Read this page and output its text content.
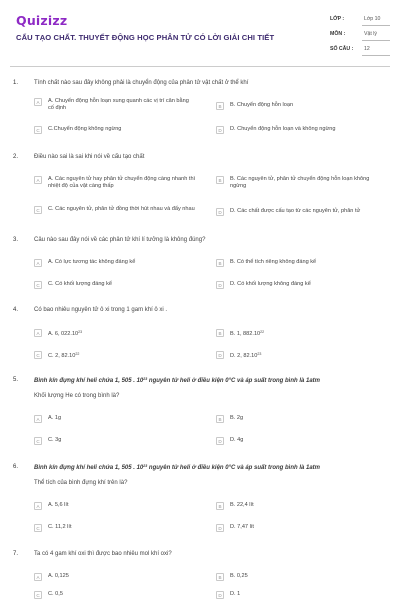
Quizizz
CẤU TẠO CHẤT. THUYẾT ĐỘNG HỌC PHÂN TỬ CÓ LỜI GIẢI CHI TIẾT
LỚP :	Lớp 10
MÔN :	Vật lý
SỐ CÂU : 12
1.	Tính chất nào sau đây không phải là chuyển động của phân tử vật chất ở thể khí
A	A. Chuyển động hỗn loạn xung quanh các vị trí cân bằng cố định	B	B. Chuyển động hỗn loạn
C	C.Chuyển động không ngừng	D	D. Chuyển động hỗn loạn và không ngừng
2.	Điều nào sai là sai khi nói về cấu tạo chất
A	A. Các nguyên tử hay phân tử chuyển động càng nhanh thì nhiệt độ của vật càng thấp
B	B. Các nguyên tử, phân tử chuyển động hỗn loạn không ngừng
C	C. Các nguyên tử, phân tử đồng thời hút nhau và đẩy nhau
D	D. Các chất được cấu tạo từ các nguyên tử, phân tử
3.	Câu nào sau đây nói về các phân tử khí lí tưởng là không đúng?
A	A. Có lực tương tác không đáng kể	B	B. Có thể tích riêng không đáng kể
C	C. Có khối lượng đáng kể	D	D. Có khối lượng không đáng kể
4.	Có bao nhiêu nguyên tử ô xi trong 1 gam khí ô xi .
A	A. 6, 022.10$^{23}$	B	B. 1, 882.10$^{22}$
C	C. 2, 82.10$^{22}$	D	D. 2, 82.10$^{23}$
5.	Bình kín đựng khí heli chứa 1, 505 . $10^{23}$ nguyên tử heli ở điều kiện 0°C và áp suất trong bình là 1atm
Khối lượng He có trong bình là?
A	A. 1g	B	B. 2g
C	C. 3g	D	D. 4g
6.	Bình kín đựng khí heli chứa 1, 505 . $10^{23}$ nguyên tử heli ở điều kiện 0°C và áp suất trong bình là 1atm
Thể tích của bình đựng khí trên là?
A	A. 5,6 lít	B	B. 22,4 lít
C	C. 11,2 lít	D	D. 7,47 lít
7.	Ta có 4 gam khí oxi thì được bao nhiêu mol khí oxi?
A	A. 0,125	B	B. 0,25
C	C. 0,5	D	D. 1
